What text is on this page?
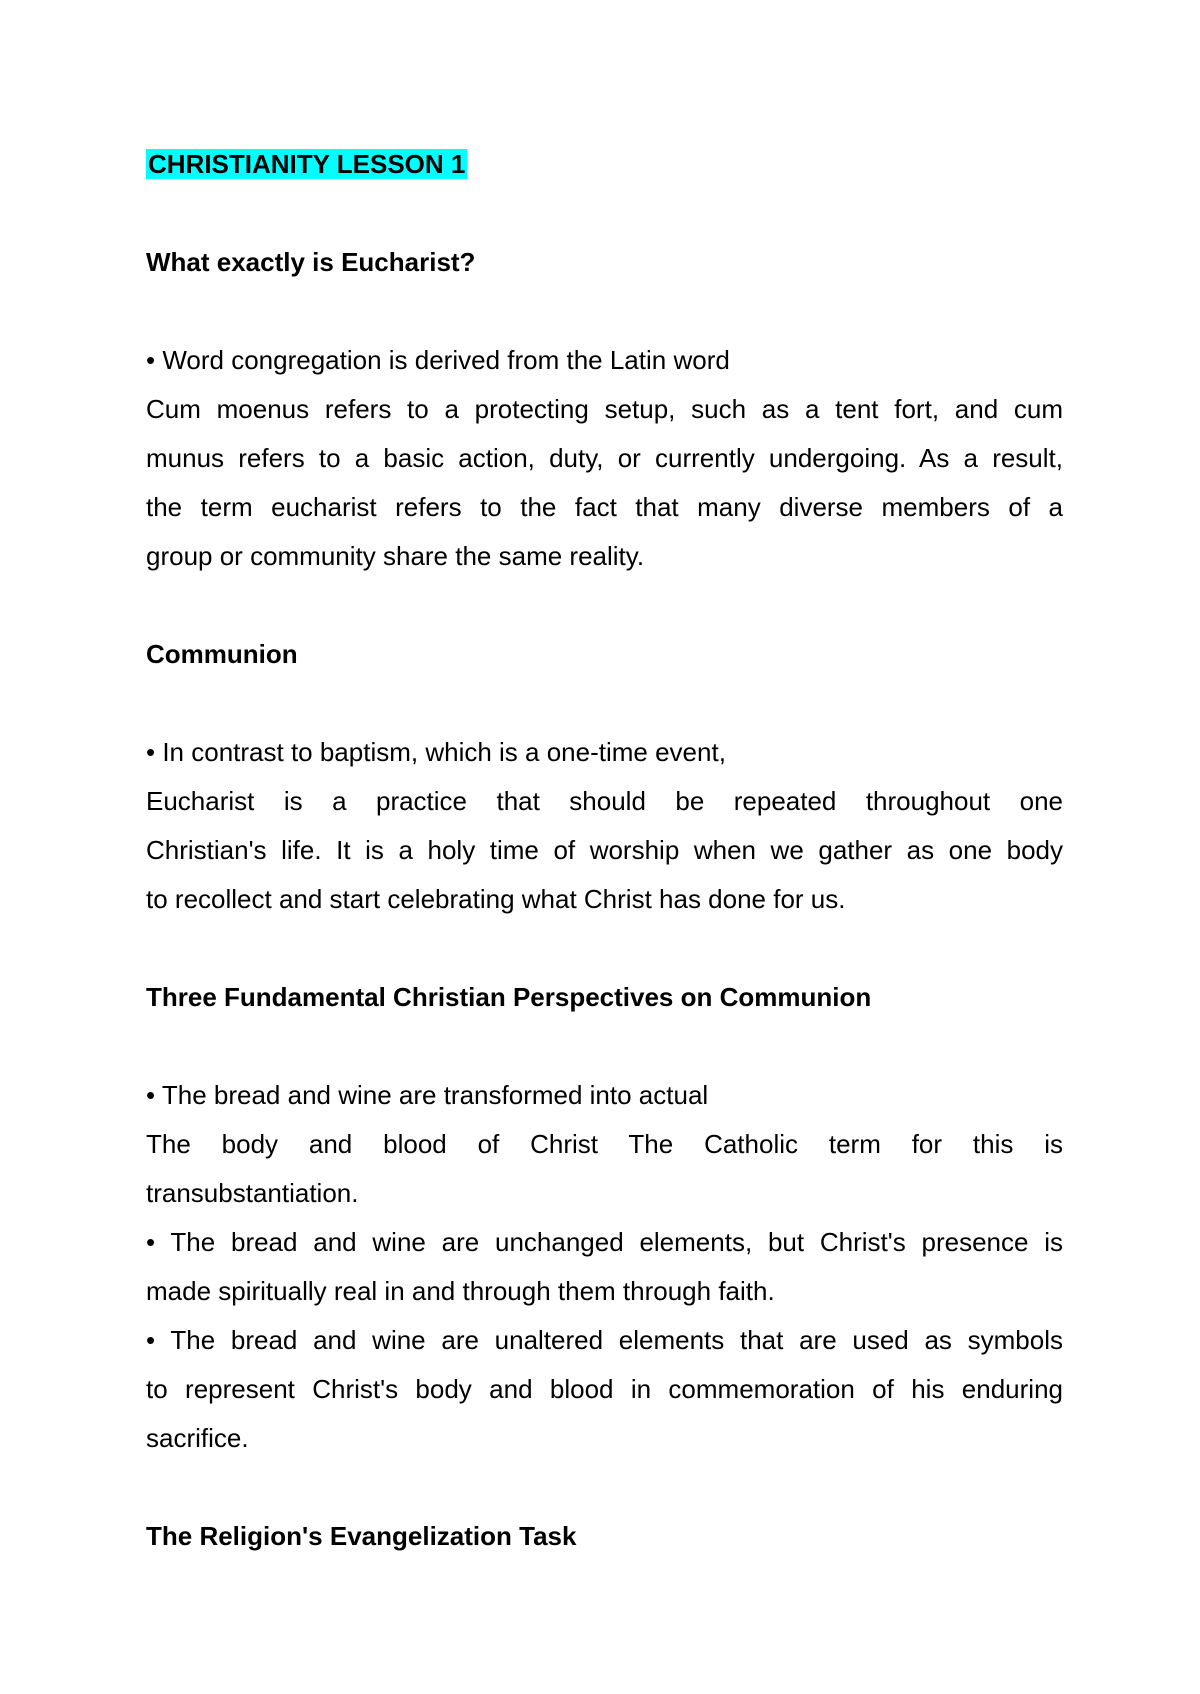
CHRISTIANITY LESSON 1
What exactly is Eucharist?
• Word congregation is derived from the Latin word
Cum moenus refers to a protecting setup, such as a tent fort, and cum
munus refers to a basic action, duty, or currently undergoing. As a result,
the term eucharist refers to the fact that many diverse members of a
group or community share the same reality.
Communion
• In contrast to baptism, which is a one-time event,
Eucharist is a practice that should be repeated throughout one
Christian's life. It is a holy time of worship when we gather as one body
to recollect and start celebrating what Christ has done for us.
Three Fundamental Christian Perspectives on Communion
• The bread and wine are transformed into actual
The body and blood of Christ The Catholic term for this is
transubstantiation.
• The bread and wine are unchanged elements, but Christ's presence is
made spiritually real in and through them through faith.
• The bread and wine are unaltered elements that are used as symbols
to represent Christ's body and blood in commemoration of his enduring
sacrifice.
The Religion's Evangelization Task
